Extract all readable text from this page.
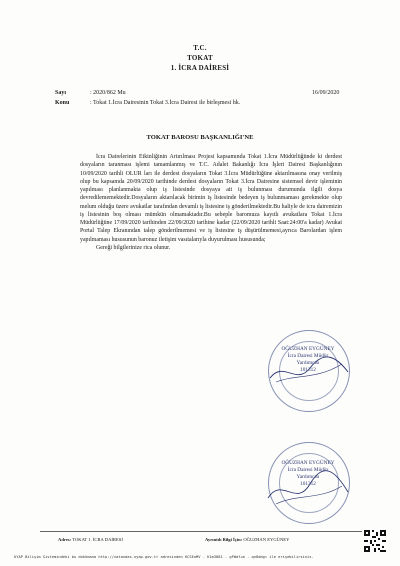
T.C.
TOKAT
1. İCRA DAİRESİ
Sayı	: 2020/862 Mu	16/09/2020
Konu	: Tokat 1.İcra Dairesinin Tokat 3.İcra Dairesi ile birleşmesi hk.
TOKAT BAROSU BAŞKANLIĞI'NE

İcra Dairelerinin Etkinliğinin Artırılması Projesi kapsamında Tokat 1.İcra Müdürlüğünde ki derdest dosyaların taranması işlemi tamamlanmış ve T.C. Adalet Bakanlığı İcra İşleri Dairesi Başkanlığının 10/09/2020 tarihli OLUR ları ile derdest dosyaların Tokat 3.İcra Müdürlüğüne aktarılmasına onay verilmiş olup bu kapsamda 20/09/2020 tarihinde derdest dosyaların Tokat 3.İcra Dairesine sistemsel devir işleminin yapılması planlanmakta olup iş listesinde dosyaya ait iş bulunması durumunda ilgili dosya devredilememektedir.Dosyaların aktarılacak birimin iş listesinde bedeyen iş bulunmaması gerekmekte olup melum olduğu üzere avukatlar tarafından devamlı iş listesine iş gönderilmektedir.Bu haliyle de icra dairemizin iş listesinin boş olması mümkün olmamaktadır.Bu sebeple baromuza kayıtlı avukatlara Tokat 1.İcra Müdürlüğüne 17/09/2020 tarihinden 22/09/2020 tarihine kadar (22/09/2020 tarihli Saat:24:00'a kadar) Avukat Portal Talep Ekranından talep gönderilmemesi ve iş listesine iş düşürülmemesi,ayrıca Barolardan işlem yapılmaması hususunun baronuz iletişim vasıtalarıyla duyurulması hususunda;

Gereği bilgilerinize rica olunur.

OĞUZHAN EYGÜNEY
İcra Dairesi Müdür
Yardımcısı
101312
OĞUZHAN EYGÜNEY
İcra Dairesi Müdür
Yardımcısı
101312
Adres: TOKAT 1. İCRA DAİRESİ	Ayrıntılı Bilgi İçin: OĞUZHAN EYGÜNEY
UYAP Bilişim Sistemindeki bu dokümana http://vatandas.uyap.gov.tr adresinden KCSEoMV - K1m3881 - gFWdf+m - qn8ddg= ile erişebilirsiniz.
